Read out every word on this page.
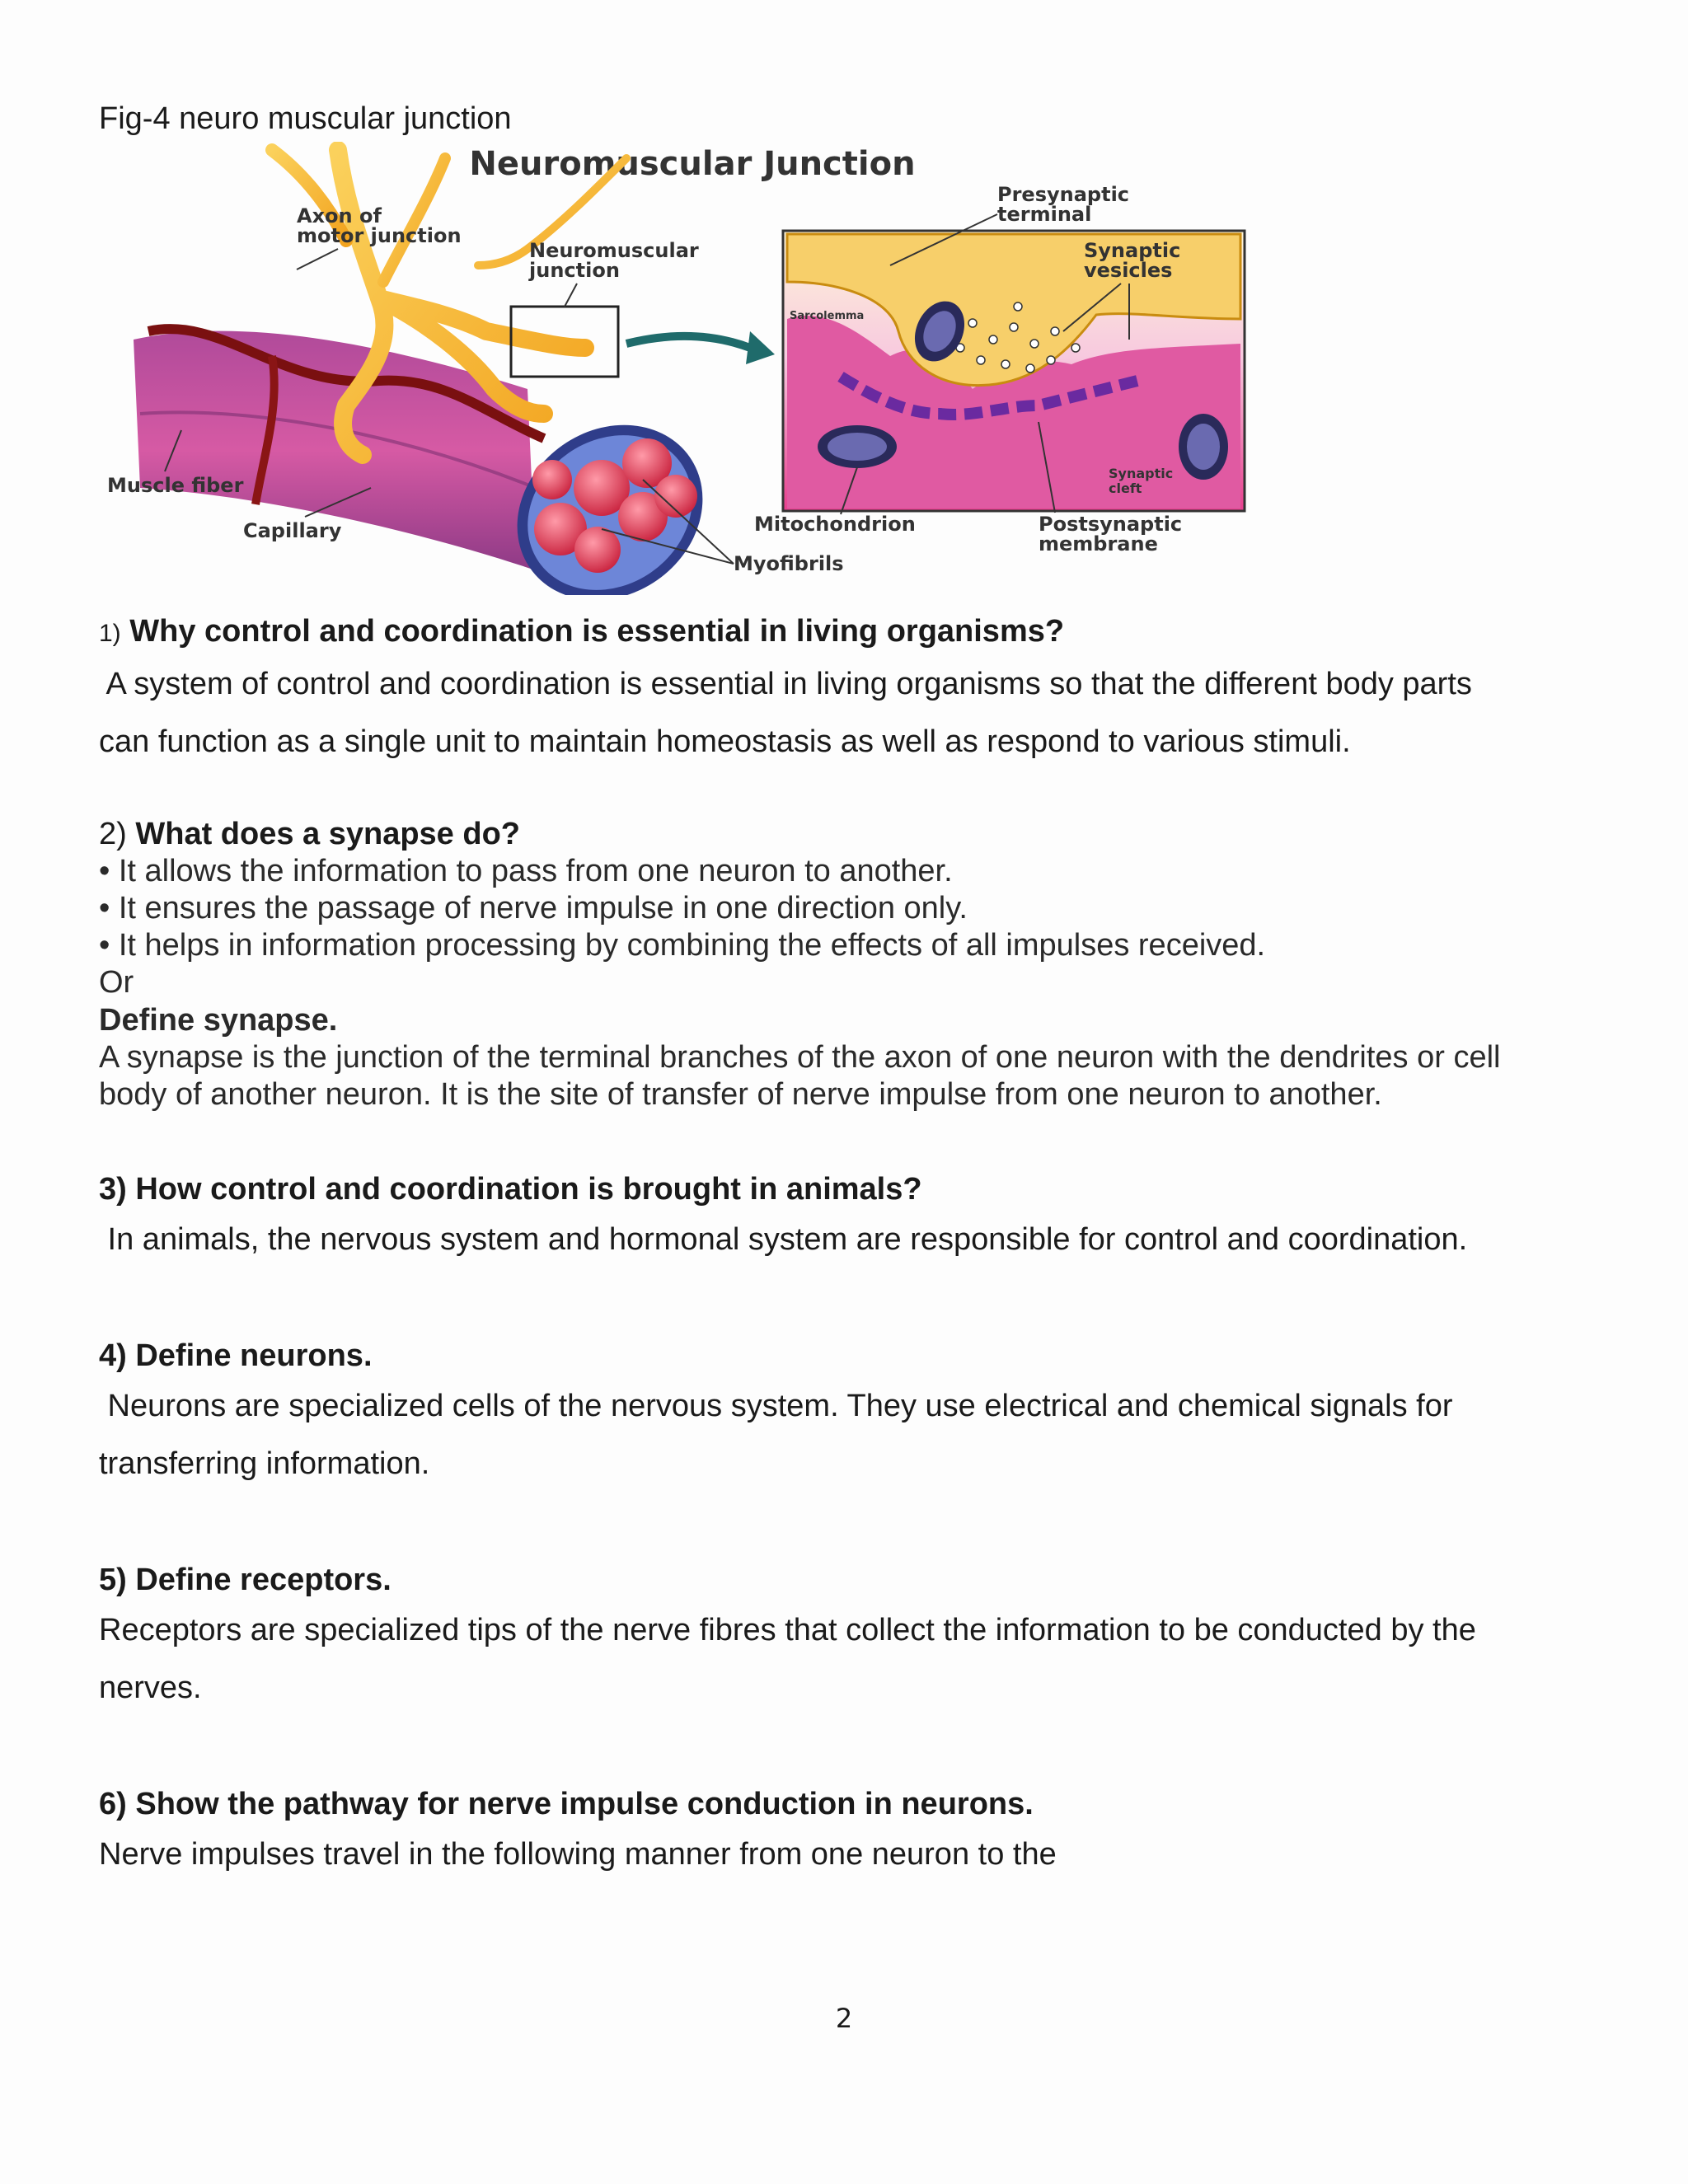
Fig-4 neuro muscular junction

Neuromuscular Junction
Axon of
motor junction
Neuromuscular
junction
Presynaptic
terminal
Synaptic
vesicles
Sarcolemma
Muscle fiber
Capillary
Myofibrils
Mitochondrion
Synaptic
cleft
Postsynaptic
membrane

1) Why control and coordination is essential in living organisms?

A system of control and coordination is essential in living organisms so that the different body parts

can function as a single unit to maintain homeostasis as well as respond to various stimuli.

2) What does a synapse do?

• It allows the information to pass from one neuron to another.

• It ensures the passage of nerve impulse in one direction only.

• It helps in information processing by combining the effects of all impulses received.

Or

Define synapse.

A synapse is the junction of the terminal branches of the axon of one neuron with the dendrites or cell

body of another neuron. It is the site of transfer of nerve impulse from one neuron to another.

3) How control and coordination is brought in animals?

In animals, the nervous system and hormonal system are responsible for control and coordination.

4) Define neurons.

Neurons are specialized cells of the nervous system. They use electrical and chemical signals for

transferring information.

5) Define receptors.

Receptors are specialized tips of the nerve fibres that collect the information to be conducted by the

nerves.

6) Show the pathway for nerve impulse conduction in neurons.

Nerve impulses travel in the following manner from one neuron to the

2
